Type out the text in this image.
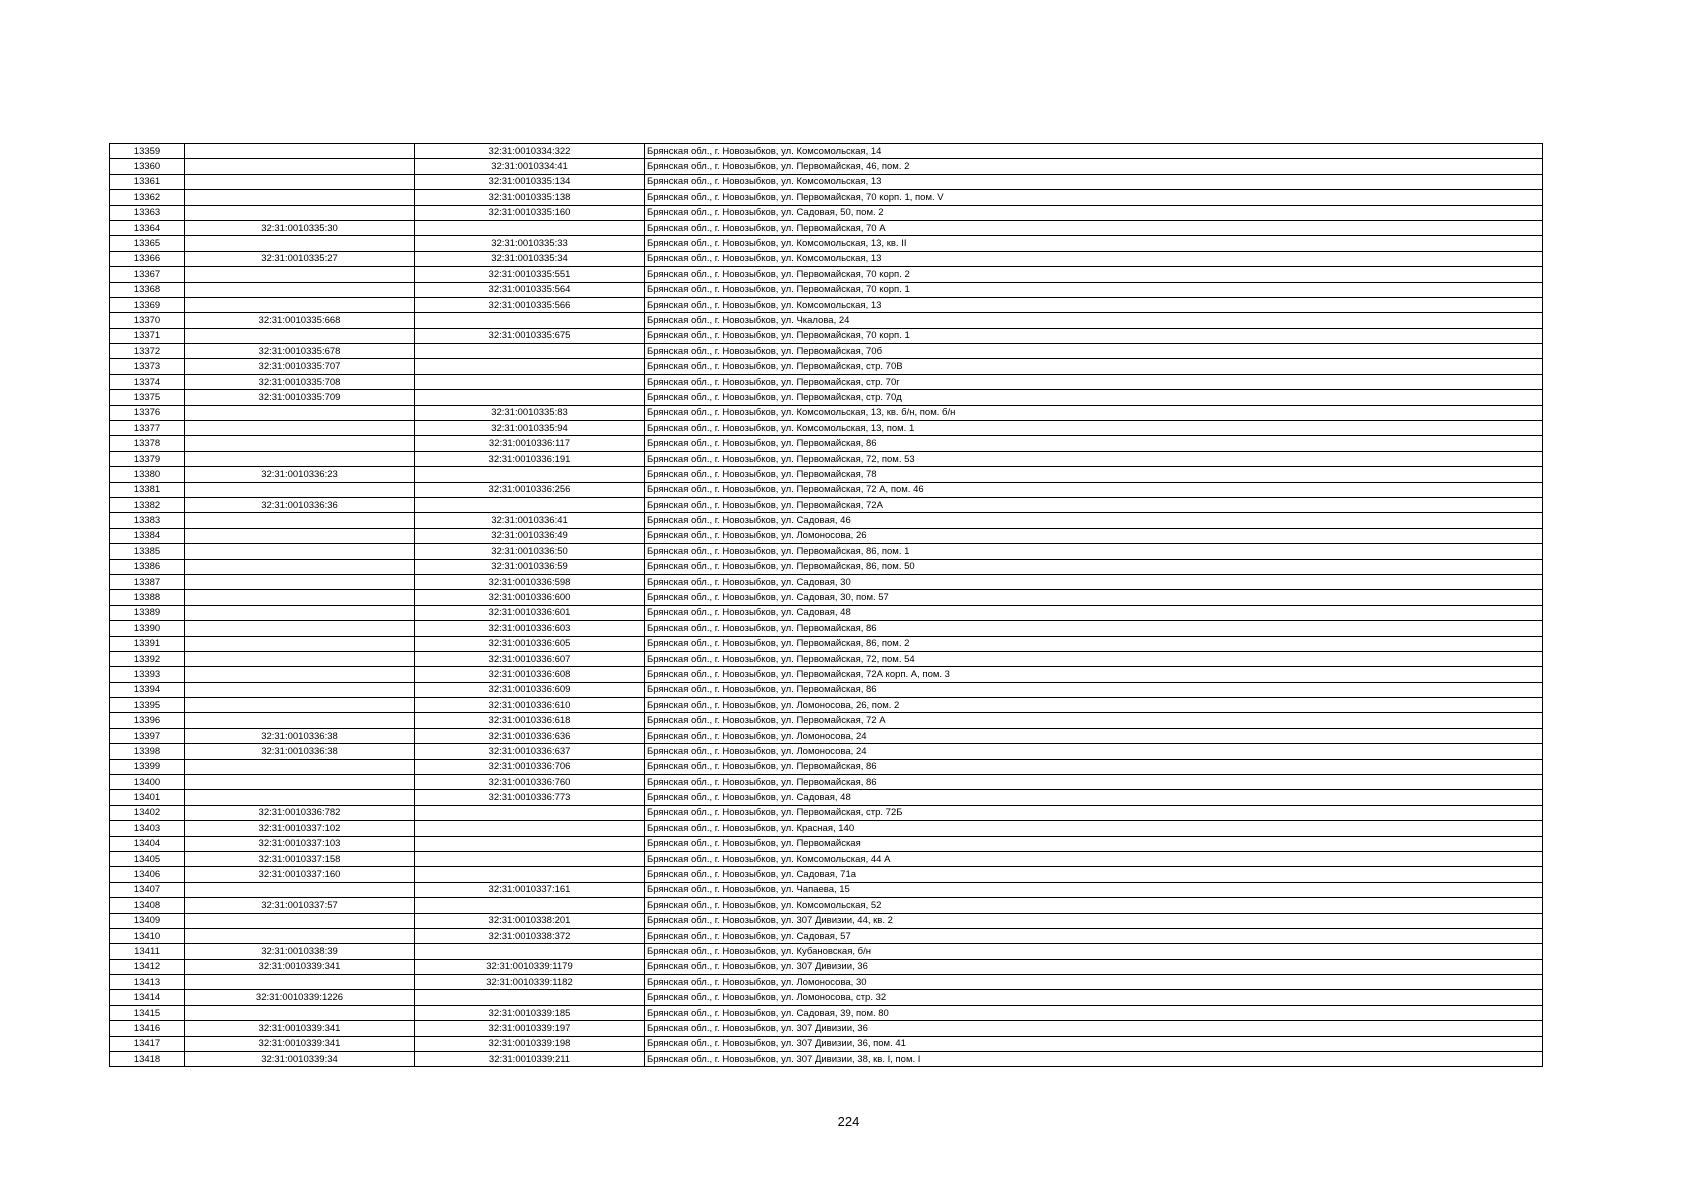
13359		32:31:0010334:322	Брянская обл., г. Новозыбков, ул. Комсомольская, 14
13360		32:31:0010334:41	Брянская обл., г. Новозыбков, ул. Первомайская, 46, пом. 2
13361		32:31:0010335:134	Брянская обл., г. Новозыбков, ул. Комсомольская, 13
13362		32:31:0010335:138	Брянская обл., г. Новозыбков, ул. Первомайская, 70 корп. 1, пом. V
13363		32:31:0010335:160	Брянская обл., г. Новозыбков, ул. Садовая, 50, пом. 2
13364	32:31:0010335:30		Брянская обл., г. Новозыбков, ул. Первомайская, 70 А
13365		32:31:0010335:33	Брянская обл., г. Новозыбков, ул. Комсомольская, 13, кв. II
13366	32:31:0010335:27	32:31:0010335:34	Брянская обл., г. Новозыбков, ул. Комсомольская, 13
13367		32:31:0010335:551	Брянская обл., г. Новозыбков, ул. Первомайская, 70 корп. 2
13368		32:31:0010335:564	Брянская обл., г. Новозыбков, ул. Первомайская, 70 корп. 1
13369		32:31:0010335:566	Брянская обл., г. Новозыбков, ул. Комсомольская, 13
13370	32:31:0010335:668		Брянская обл., г. Новозыбков, ул. Чкалова, 24
13371		32:31:0010335:675	Брянская обл., г. Новозыбков, ул. Первомайская, 70 корп. 1
13372	32:31:0010335:678		Брянская обл., г. Новозыбков, ул. Первомайская, 70б
13373	32:31:0010335:707		Брянская обл., г. Новозыбков, ул. Первомайская, стр. 70В
13374	32:31:0010335:708		Брянская обл., г. Новозыбков, ул. Первомайская, стр. 70г
13375	32:31:0010335:709		Брянская обл., г. Новозыбков, ул. Первомайская, стр. 70д
13376		32:31:0010335:83	Брянская обл., г. Новозыбков, ул. Комсомольская, 13, кв. б/н, пом. б/н
13377		32:31:0010335:94	Брянская обл., г. Новозыбков, ул. Комсомольская, 13, пом. 1
13378		32:31:0010336:117	Брянская обл., г. Новозыбков, ул. Первомайская, 86
13379		32:31:0010336:191	Брянская обл., г. Новозыбков, ул. Первомайская, 72, пом. 53
13380	32:31:0010336:23		Брянская обл., г. Новозыбков, ул. Первомайская, 78
13381		32:31:0010336:256	Брянская обл., г. Новозыбков, ул. Первомайская, 72 А, пом. 46
13382	32:31:0010336:36		Брянская обл., г. Новозыбков, ул. Первомайская, 72А
13383		32:31:0010336:41	Брянская обл., г. Новозыбков, ул. Садовая, 46
13384		32:31:0010336:49	Брянская обл., г. Новозыбков, ул. Ломоносова, 26
13385		32:31:0010336:50	Брянская обл., г. Новозыбков, ул. Первомайская, 86, пом. 1
13386		32:31:0010336:59	Брянская обл., г. Новозыбков, ул. Первомайская, 86, пом. 50
13387		32:31:0010336:598	Брянская обл., г. Новозыбков, ул. Садовая, 30
13388		32:31:0010336:600	Брянская обл., г. Новозыбков, ул. Садовая, 30, пом. 57
13389		32:31:0010336:601	Брянская обл., г. Новозыбков, ул. Садовая, 48
13390		32:31:0010336:603	Брянская обл., г. Новозыбков, ул. Первомайская, 86
13391		32:31:0010336:605	Брянская обл., г. Новозыбков, ул. Первомайская, 86, пом. 2
13392		32:31:0010336:607	Брянская обл., г. Новозыбков, ул. Первомайская, 72, пом. 54
13393		32:31:0010336:608	Брянская обл., г. Новозыбков, ул. Первомайская, 72А корп. А, пом. 3
13394		32:31:0010336:609	Брянская обл., г. Новозыбков, ул. Первомайская, 86
13395		32:31:0010336:610	Брянская обл., г. Новозыбков, ул. Ломоносова, 26, пом. 2
13396		32:31:0010336:618	Брянская обл., г. Новозыбков, ул. Первомайская, 72 А
13397	32:31:0010336:38	32:31:0010336:636	Брянская обл., г. Новозыбков, ул. Ломоносова, 24
13398	32:31:0010336:38	32:31:0010336:637	Брянская обл., г. Новозыбков, ул. Ломоносова, 24
13399		32:31:0010336:706	Брянская обл., г. Новозыбков, ул. Первомайская, 86
13400		32:31:0010336:760	Брянская обл., г. Новозыбков, ул. Первомайская, 86
13401		32:31:0010336:773	Брянская обл., г. Новозыбков, ул. Садовая, 48
13402	32:31:0010336:782		Брянская обл., г. Новозыбков, ул. Первомайская, стр. 72Б
13403	32:31:0010337:102		Брянская обл., г. Новозыбков, ул. Красная, 140
13404	32:31:0010337:103		Брянская обл., г. Новозыбков, ул. Первомайская
13405	32:31:0010337:158		Брянская обл., г. Новозыбков, ул. Комсомольская, 44 А
13406	32:31:0010337:160		Брянская обл., г. Новозыбков, ул. Садовая, 71а
13407		32:31:0010337:161	Брянская обл., г. Новозыбков, ул. Чапаева, 15
13408	32:31:0010337:57		Брянская обл., г. Новозыбков, ул. Комсомольская, 52
13409		32:31:0010338:201	Брянская обл., г. Новозыбков, ул. 307 Дивизии, 44, кв. 2
13410		32:31:0010338:372	Брянская обл., г. Новозыбков, ул. Садовая, 57
13411	32:31:0010338:39		Брянская обл., г. Новозыбков, ул. Кубановская, б/н
13412	32:31:0010339:341	32:31:0010339:1179	Брянская обл., г. Новозыбков, ул. 307 Дивизии, 36
13413		32:31:0010339:1182	Брянская обл., г. Новозыбков, ул. Ломоносова, 30
13414	32:31:0010339:1226		Брянская обл., г. Новозыбков, ул. Ломоносова, стр. 32
13415		32:31:0010339:185	Брянская обл., г. Новозыбков, ул. Садовая, 39, пом. 80
13416	32:31:0010339:341	32:31:0010339:197	Брянская обл., г. Новозыбков, ул. 307 Дивизии, 36
13417	32:31:0010339:341	32:31:0010339:198	Брянская обл., г. Новозыбков, ул. 307 Дивизии, 36, пом. 41
13418	32:31:0010339:34	32:31:0010339:211	Брянская обл., г. Новозыбков, ул. 307 Дивизии, 38, кв. I, пом. I
224
